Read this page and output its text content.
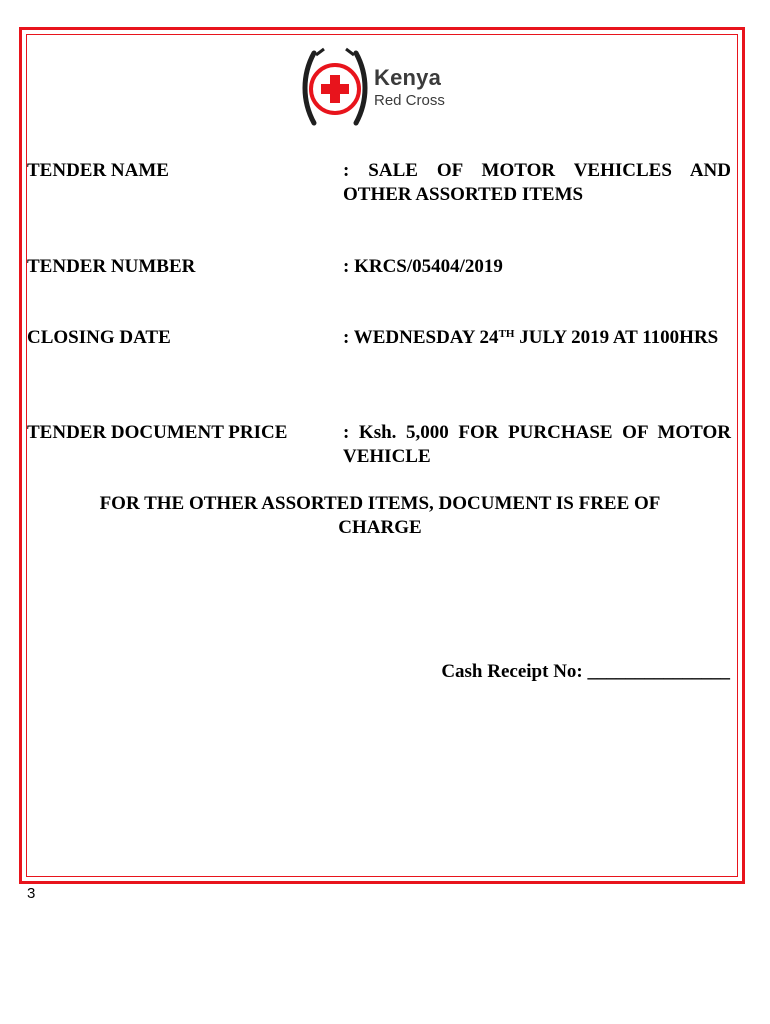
Kenya
Red Cross
TENDER NAME	: SALE OF MOTOR VEHICLES AND OTHER ASSORTED ITEMS
TENDER NUMBER	: KRCS/05404/2019
CLOSING DATE	: WEDNESDAY 24TH JULY 2019 AT 1100HRS
TENDER DOCUMENT PRICE	: Ksh. 5,000 FOR PURCHASE OF MOTOR VEHICLE
FOR THE OTHER ASSORTED ITEMS, DOCUMENT IS FREE OF CHARGE
Cash Receipt No: _______________
3
